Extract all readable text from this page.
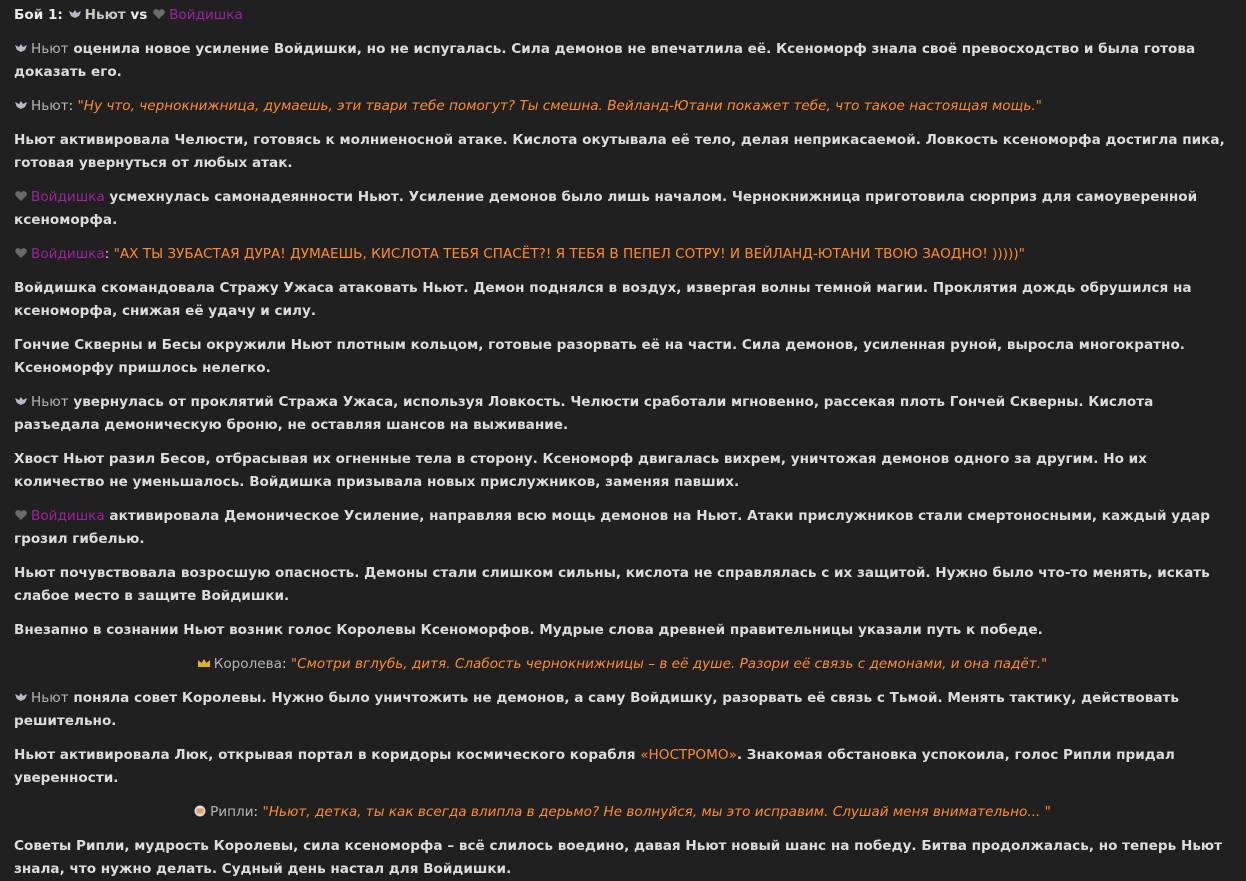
Бой 1:
Ньют vs
Войдишка
Ньют оценила новое усиление Войдишки, но не испугалась. Сила демонов не впечатлила её. Ксеноморф знала своё превосходство и была готова доказать его.
Ньют: "Ну что, чернокнижница, думаешь, эти твари тебе помогут? Ты смешна. Вейланд-Ютани покажет тебе, что такое настоящая мощь."
Ньют активировала Челюсти, готовясь к молниеносной атаке. Кислота окутывала её тело, делая неприкасаемой. Ловкость ксеноморфа достигла пика, готовая увернуться от любых атак.
Войдишка усмехнулась самонадеянности Ньют. Усиление демонов было лишь началом. Чернокнижница приготовила сюрприз для самоуверенной ксеноморфа.
Войдишка: "АХ ТЫ ЗУБАСТАЯ ДУРА! ДУМАЕШЬ, КИСЛОТА ТЕБЯ СПАСЁТ?! Я ТЕБЯ В ПЕПЕЛ СОТРУ! И ВЕЙЛАНД-ЮТАНИ ТВОЮ ЗАОДНО! )))))"
Войдишка скомандовала Стражу Ужаса атаковать Ньют. Демон поднялся в воздух, извергая волны темной магии. Проклятия дождь обрушился на ксеноморфа, снижая её удачу и силу.
Гончие Скверны и Бесы окружили Ньют плотным кольцом, готовые разорвать её на части. Сила демонов, усиленная руной, выросла многократно. Ксеноморфу пришлось нелегко.
Ньют увернулась от проклятий Стража Ужаса, используя Ловкость. Челюсти сработали мгновенно, рассекая плоть Гончей Скверны. Кислота разъедала демоническую броню, не оставляя шансов на выживание.
Хвост Ньют разил Бесов, отбрасывая их огненные тела в сторону. Ксеноморф двигалась вихрем, уничтожая демонов одного за другим. Но их количество не уменьшалось. Войдишка призывала новых прислужников, заменяя павших.
Войдишка активировала Демоническое Усиление, направляя всю мощь демонов на Ньют. Атаки прислужников стали смертоносными, каждый удар грозил гибелью.
Ньют почувствовала возросшую опасность. Демоны стали слишком сильны, кислота не справлялась с их защитой. Нужно было что-то менять, искать слабое место в защите Войдишки.
Внезапно в сознании Ньют возник голос Королевы Ксеноморфов. Мудрые слова древней правительницы указали путь к победе.
Королева: "Смотри вглубь, дитя. Слабость чернокнижницы – в её душе. Разори её связь с демонами, и она падёт."
Ньют поняла совет Королевы. Нужно было уничтожить не демонов, а саму Войдишку, разорвать её связь с Тьмой. Менять тактику, действовать решительно.
Ньют активировала Люк, открывая портал в коридоры космического корабля «НОСТРОМО». Знакомая обстановка успокоила, голос Рипли придал уверенности.
Рипли: "Ньют, детка, ты как всегда влипла в дерьмо? Не волнуйся, мы это исправим. Слушай меня внимательно... "
Советы Рипли, мудрость Королевы, сила ксеноморфа – всё слилось воедино, давая Ньют новый шанс на победу. Битва продолжалась, но теперь Ньют знала, что нужно делать. Судный день настал для Войдишки.
